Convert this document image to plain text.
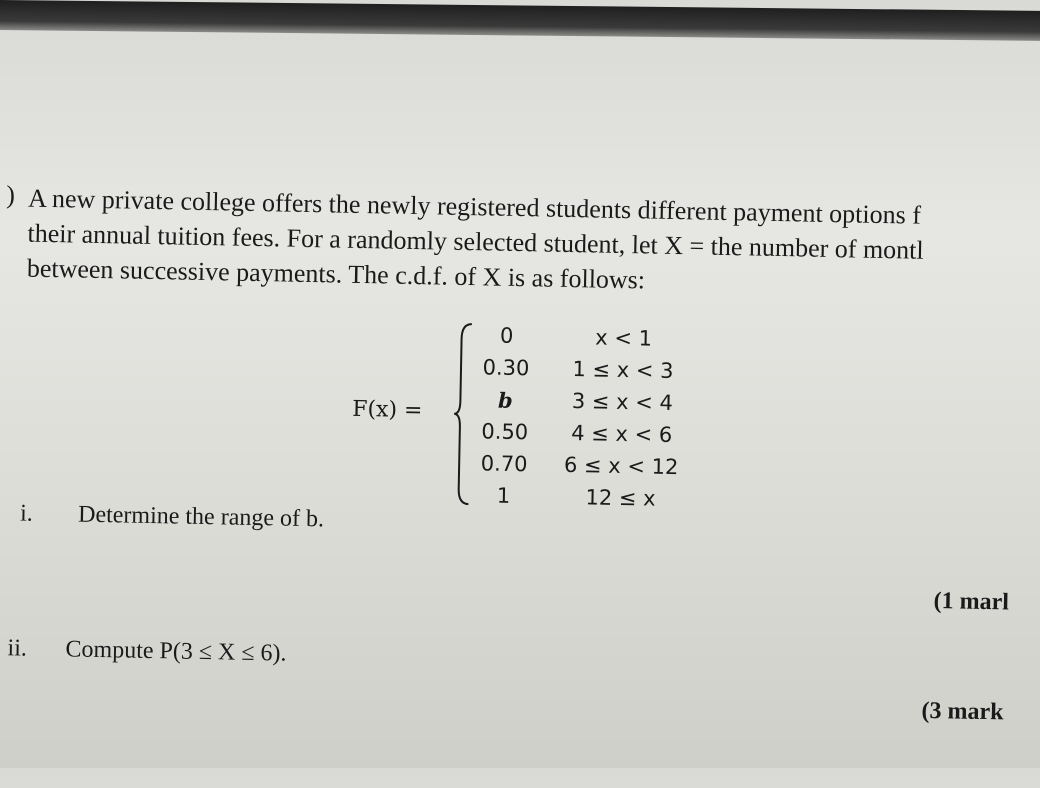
) A new private college offers the newly registered students different payment options f
their annual tuition fees. For a randomly selected student, let X = the number of montl
between successive payments. The c.d.f. of X is as follows:
F(x) =
0	x < 1
0.30	1 ≤ x < 3
b	3 ≤ x < 4
0.50	4 ≤ x < 6
0.70	6 ≤ x < 12
1	12 ≤ x
i. Determine the range of b.
(1 marl
ii. Compute P(3 ≤ X ≤ 6).
(3 mark
